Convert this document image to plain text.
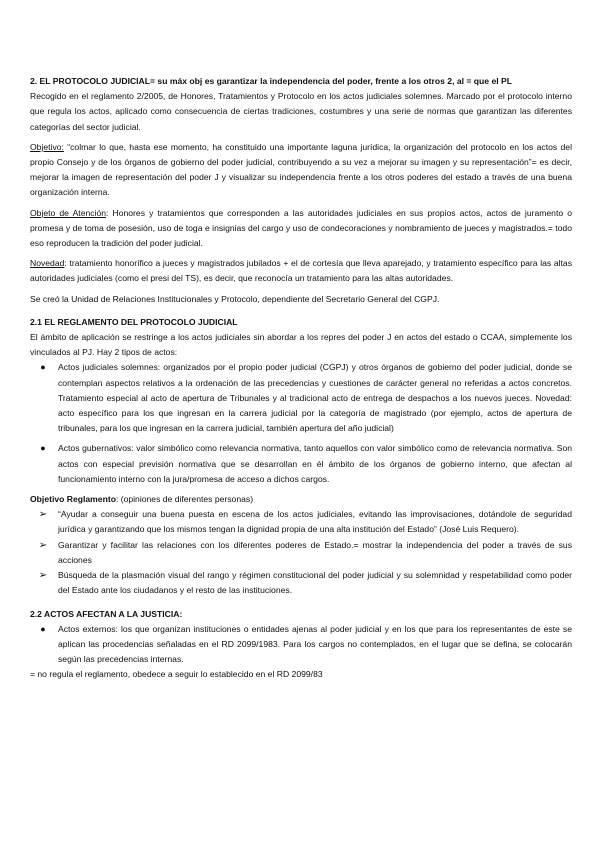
2. EL PROTOCOLO JUDICIAL= su máx obj es garantizar la independencia del poder, frente a los otros 2, al = que el PL

Recogido en el reglamento 2/2005, de Honores, Tratamientos y Protocolo en los actos judiciales solemnes. Marcado por el protocolo interno que regula los actos, aplicado como consecuencia de ciertas tradiciones, costumbres y una serie de normas que garantizan las diferentes categorías del sector judicial.

Objetivo: “colmar lo que, hasta ese momento, ha constituido una importante laguna jurídica, la organización del protocolo en los actos del propio Consejo y de los órganos de gobierno del poder judicial, contribuyendo a su vez a mejorar su imagen y su representación”= es decir, mejorar la imagen de representación del poder J y visualizar su independencia frente a los otros poderes del estado a través de una buena organización interna.

Objeto de Atención: Honores y tratamientos que corresponden a las autoridades judiciales en sus propios actos, actos de juramento o promesa y de toma de posesión, uso de toga e insignias del cargo y uso de condecoraciones y nombramiento de jueces y magistrados.= todo eso reproducen la tradición del poder judicial.

Novedad: tratamiento honorífico a jueces y magistrados jubilados + el de cortesía que lleva aparejado, y tratamiento específico para las altas autoridades judiciales (como el presi del TS), es decir, que reconocía un tratamiento para las altas autoridades.

Se creó la Unidad de Relaciones Institucionales y Protocolo, dependiente del Secretario General del CGPJ.

2.1 EL REGLAMENTO DEL PROTOCOLO JUDICIAL

El ámbito de aplicación se restringe a los actos judiciales sin abordar a los repres del poder J en actos del estado o CCAA, simplemente los vinculados al PJ. Hay 2 tipos de actos:

●	Actos judiciales solemnes: organizados por el propio poder judicial (CGPJ) y otros órganos de gobierno del poder judicial, donde se contemplan aspectos relativos a la ordenación de las precedencias y cuestiones de carácter general no referidas a actos concretos. Tratamiento especial al acto de apertura de Tribunales y al tradicional acto de entrega de despachos a los nuevos jueces. Novedad: acto específico para los que ingresan en la carrera judicial por la categoría de magistrado (por ejemplo, actos de apertura de tribunales, para los que ingresan en la carrera judicial, también apertura del año judicial)
●	Actos gubernativos: valor simbólico como relevancia normativa, tanto aquellos con valor simbólico como de relevancia normativa. Son actos con especial previsión normativa que se desarrollan en él ámbito de los órganos de gobierno interno, que afectan al funcionamiento interno con la jura/promesa de acceso a dichos cargos.

Objetivo Reglamento: (opiniones de diferentes personas)

➢	“Ayudar a conseguir una buena puesta en escena de los actos judiciales, evitando las improvisaciones, dotándole de seguridad jurídica y garantizando que los mismos tengan la dignidad propia de una alta institución del Estado” (José Luis Requero).
➢	Garantizar y facilitar las relaciones con los diferentes poderes de Estado.= mostrar la independencia del poder a través de sus acciones
➢	Búsqueda de la plasmación visual del rango y régimen constitucional del poder judicial y su solemnidad y respetabilidad como poder del Estado ante los ciudadanos y el resto de las instituciones.

2.2 ACTOS AFECTAN A LA JUSTICIA:

●	Actos externos: los que organizan instituciones o entidades ajenas al poder judicial y en los que para los representantes de este se aplican las procedencias señaladas en el RD 2099/1983. Para los cargos no contemplados, en el lugar que se defina, se colocarán según las precedencias internas.

= no regula el reglamento, obedece a seguir lo establecido en el RD 2099/83
